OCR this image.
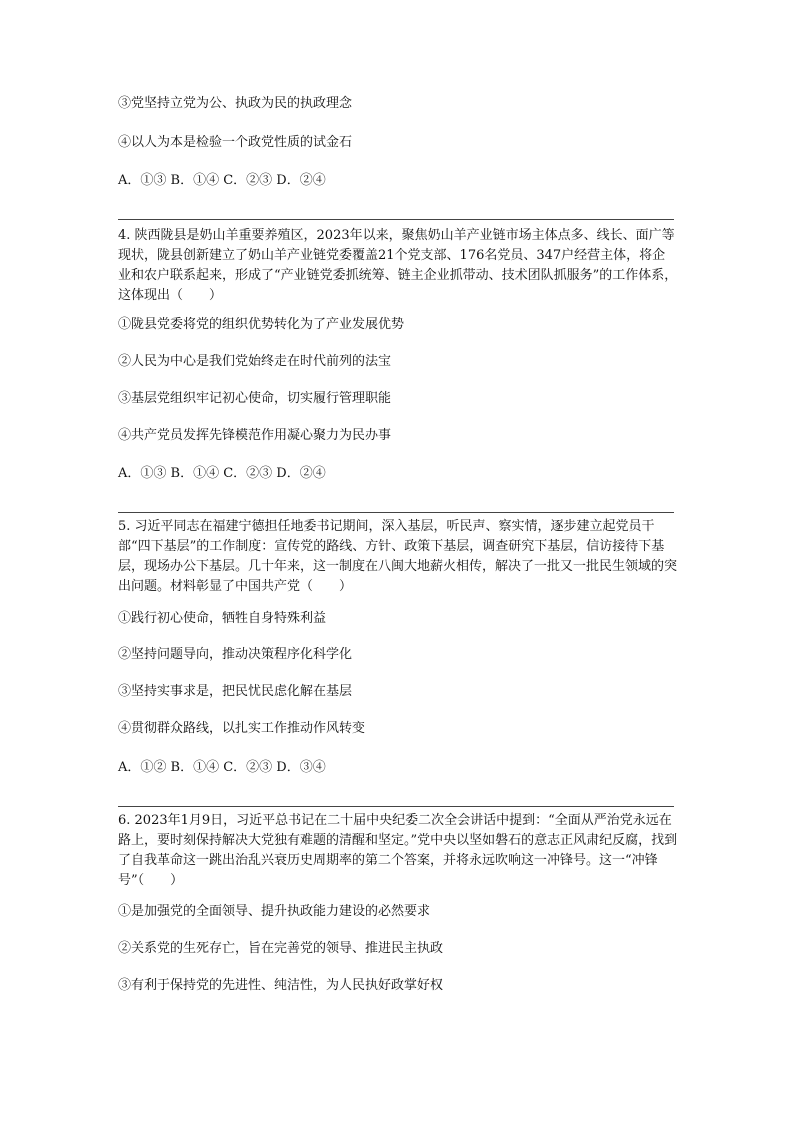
③党坚持立党为公、执政为民的执政理念
④以人为本是检验一个政党性质的试金石
A．①③ B．①④ C．②③ D．②④
4. 陕西陇县是奶山羊重要养殖区，2023年以来，聚焦奶山羊产业链市场主体点多、线长、面广等现状，陇县创新建立了奶山羊产业链党委覆盖21个党支部、176名党员、347户经营主体，将企业和农户联系起来，形成了“产业链党委抓统筹、链主企业抓带动、技术团队抓服务”的工作体系，这体现出（　　）
①陇县党委将党的组织优势转化为了产业发展优势
②人民为中心是我们党始终走在时代前列的法宝
③基层党组织牢记初心使命，切实履行管理职能
④共产党员发挥先锋模范作用凝心聚力为民办事
A．①③ B．①④ C．②③ D．②④
5. 习近平同志在福建宁德担任地委书记期间，深入基层，听民声、察实情，逐步建立起党员干部“四下基层”的工作制度：宣传党的路线、方针、政策下基层，调查研究下基层，信访接待下基层，现场办公下基层。几十年来，这一制度在八闽大地薪火相传，解决了一批又一批民生领域的突出问题。材料彰显了中国共产党（　　）
①践行初心使命，牺牲自身特殊利益
②坚持问题导向，推动决策程序化科学化
③坚持实事求是，把民忧民虑化解在基层
④贯彻群众路线，以扎实工作推动作风转变
A．①② B．①④ C．②③ D．③④
6. 2023年1月9日，习近平总书记在二十届中央纪委二次全会讲话中提到：“全面从严治党永远在路上，要时刻保持解决大党独有难题的清醒和坚定。”党中央以坚如磐石的意志正风肃纪反腐，找到了自我革命这一跳出治乱兴衰历史周期率的第二个答案，并将永远吹响这一冲锋号。这一“冲锋号”（　　）
①是加强党的全面领导、提升执政能力建设的必然要求
②关系党的生死存亡，旨在完善党的领导、推进民主执政
③有利于保持党的先进性、纯洁性，为人民执好政掌好权
